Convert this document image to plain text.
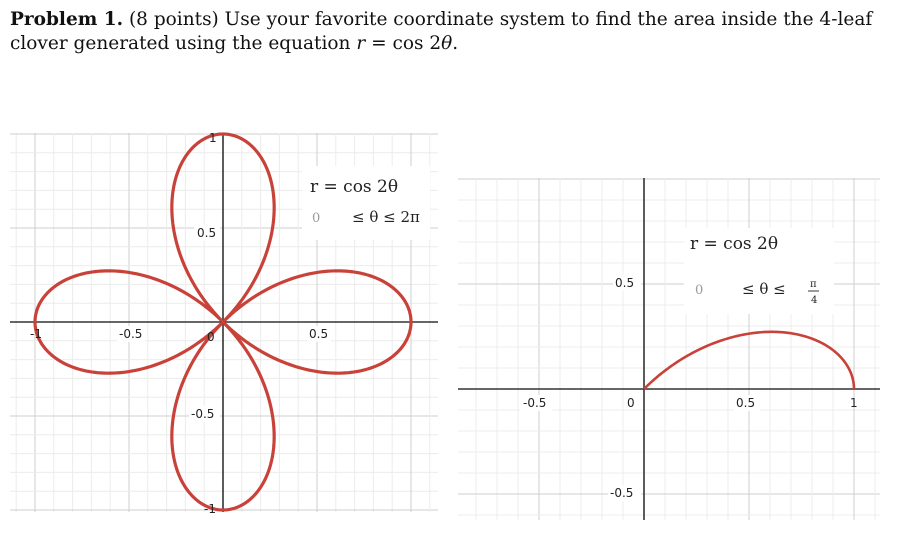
Problem 1. (8 points) Use your favorite coordinate system to find the area inside the 4-leaf
clover generated using the equation r = cos 2θ.
-0.5	0.5
0.5
-0.5
1
-1
-1	0
-0.5	0	0.5	1
0.5
-0.5
r = cos 2θ
0 ≤ θ ≤ 2π
r = cos 2θ
0	≤ θ ≤ π
4
